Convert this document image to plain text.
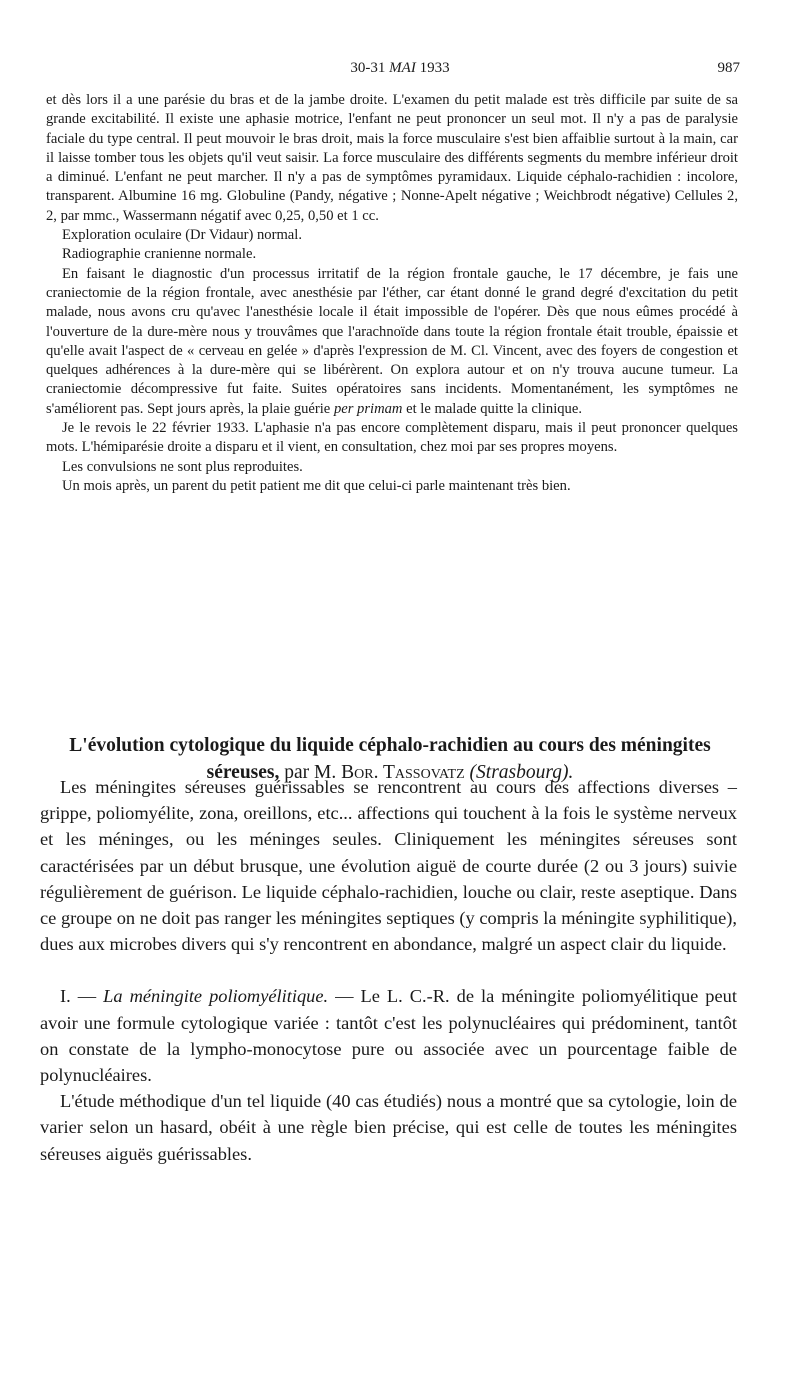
30-31 MAI 1933	987

et dès lors il a une parésie du bras et de la jambe droite. L'examen du petit malade est très difficile par suite de sa grande excitabilité. Il existe une aphasie motrice, l'enfant ne peut prononcer un seul mot. Il n'y a pas de paralysie faciale du type central. Il peut mouvoir le bras droit, mais la force musculaire s'est bien affaiblie surtout à la main, car il laisse tomber tous les objets qu'il veut saisir. La force musculaire des différents segments du membre inférieur droit a diminué. L'enfant ne peut marcher. Il n'y a pas de symptômes pyramidaux. Liquide céphalo-rachidien : incolore, transparent. Albumine 16 mg. Globuline (Pandy, négative ; Nonne-Apelt négative ; Weichbrodt négative) Cellules 2, 2, par mmc., Wassermann négatif avec 0,25, 0,50 et 1 cc.

Exploration oculaire (Dr Vidaur) normal.

Radiographie cranienne normale.

En faisant le diagnostic d'un processus irritatif de la région frontale gauche, le 17 décembre, je fais une craniectomie de la région frontale, avec anesthésie par l'éther, car étant donné le grand degré d'excitation du petit malade, nous avons cru qu'avec l'anesthésie locale il était impossible de l'opérer. Dès que nous eûmes procédé à l'ouverture de la dure-mère nous y trouvâmes que l'arachnoïde dans toute la région frontale était trouble, épaissie et qu'elle avait l'aspect de « cerveau en gelée » d'après l'expression de M. Cl. Vincent, avec des foyers de congestion et quelques adhérences à la dure-mère qui se libérèrent. On explora autour et on n'y trouva aucune tumeur. La craniectomie décompressive fut faite. Suites opératoires sans incidents. Momentanément, les symptômes ne s'améliorent pas. Sept jours après, la plaie guérie per primam et le malade quitte la clinique.

Je le revois le 22 février 1933. L'aphasie n'a pas encore complètement disparu, mais il peut prononcer quelques mots. L'hémiparésie droite a disparu et il vient, en consultation, chez moi par ses propres moyens.

Les convulsions ne sont plus reproduites.

Un mois après, un parent du petit patient me dit que celui-ci parle maintenant très bien.

L'évolution cytologique du liquide céphalo-rachidien au cours des méningites séreuses, par M. Bor. Tassovatz (Strasbourg).

Les méningites séreuses guérissables se rencontrent au cours des affections diverses – grippe, poliomyélite, zona, oreillons, etc... affections qui touchent à la fois le système nerveux et les méninges, ou les méninges seules. Cliniquement les méningites séreuses sont caractérisées par un début brusque, une évolution aiguë de courte durée (2 ou 3 jours) suivie régulièrement de guérison. Le liquide céphalo-rachidien, louche ou clair, reste aseptique. Dans ce groupe on ne doit pas ranger les méningites septiques (y compris la méningite syphilitique), dues aux microbes divers qui s'y rencontrent en abondance, malgré un aspect clair du liquide.

I. — La méningite poliomyélitique. — Le L. C.-R. de la méningite poliomyélitique peut avoir une formule cytologique variée : tantôt c'est les polynucléaires qui prédominent, tantôt on constate de la lympho-monocytose pure ou associée avec un pourcentage faible de polynucléaires.

L'étude méthodique d'un tel liquide (40 cas étudiés) nous a montré que sa cytologie, loin de varier selon un hasard, obéit à une règle bien précise, qui est celle de toutes les méningites séreuses aiguës guérissables.
